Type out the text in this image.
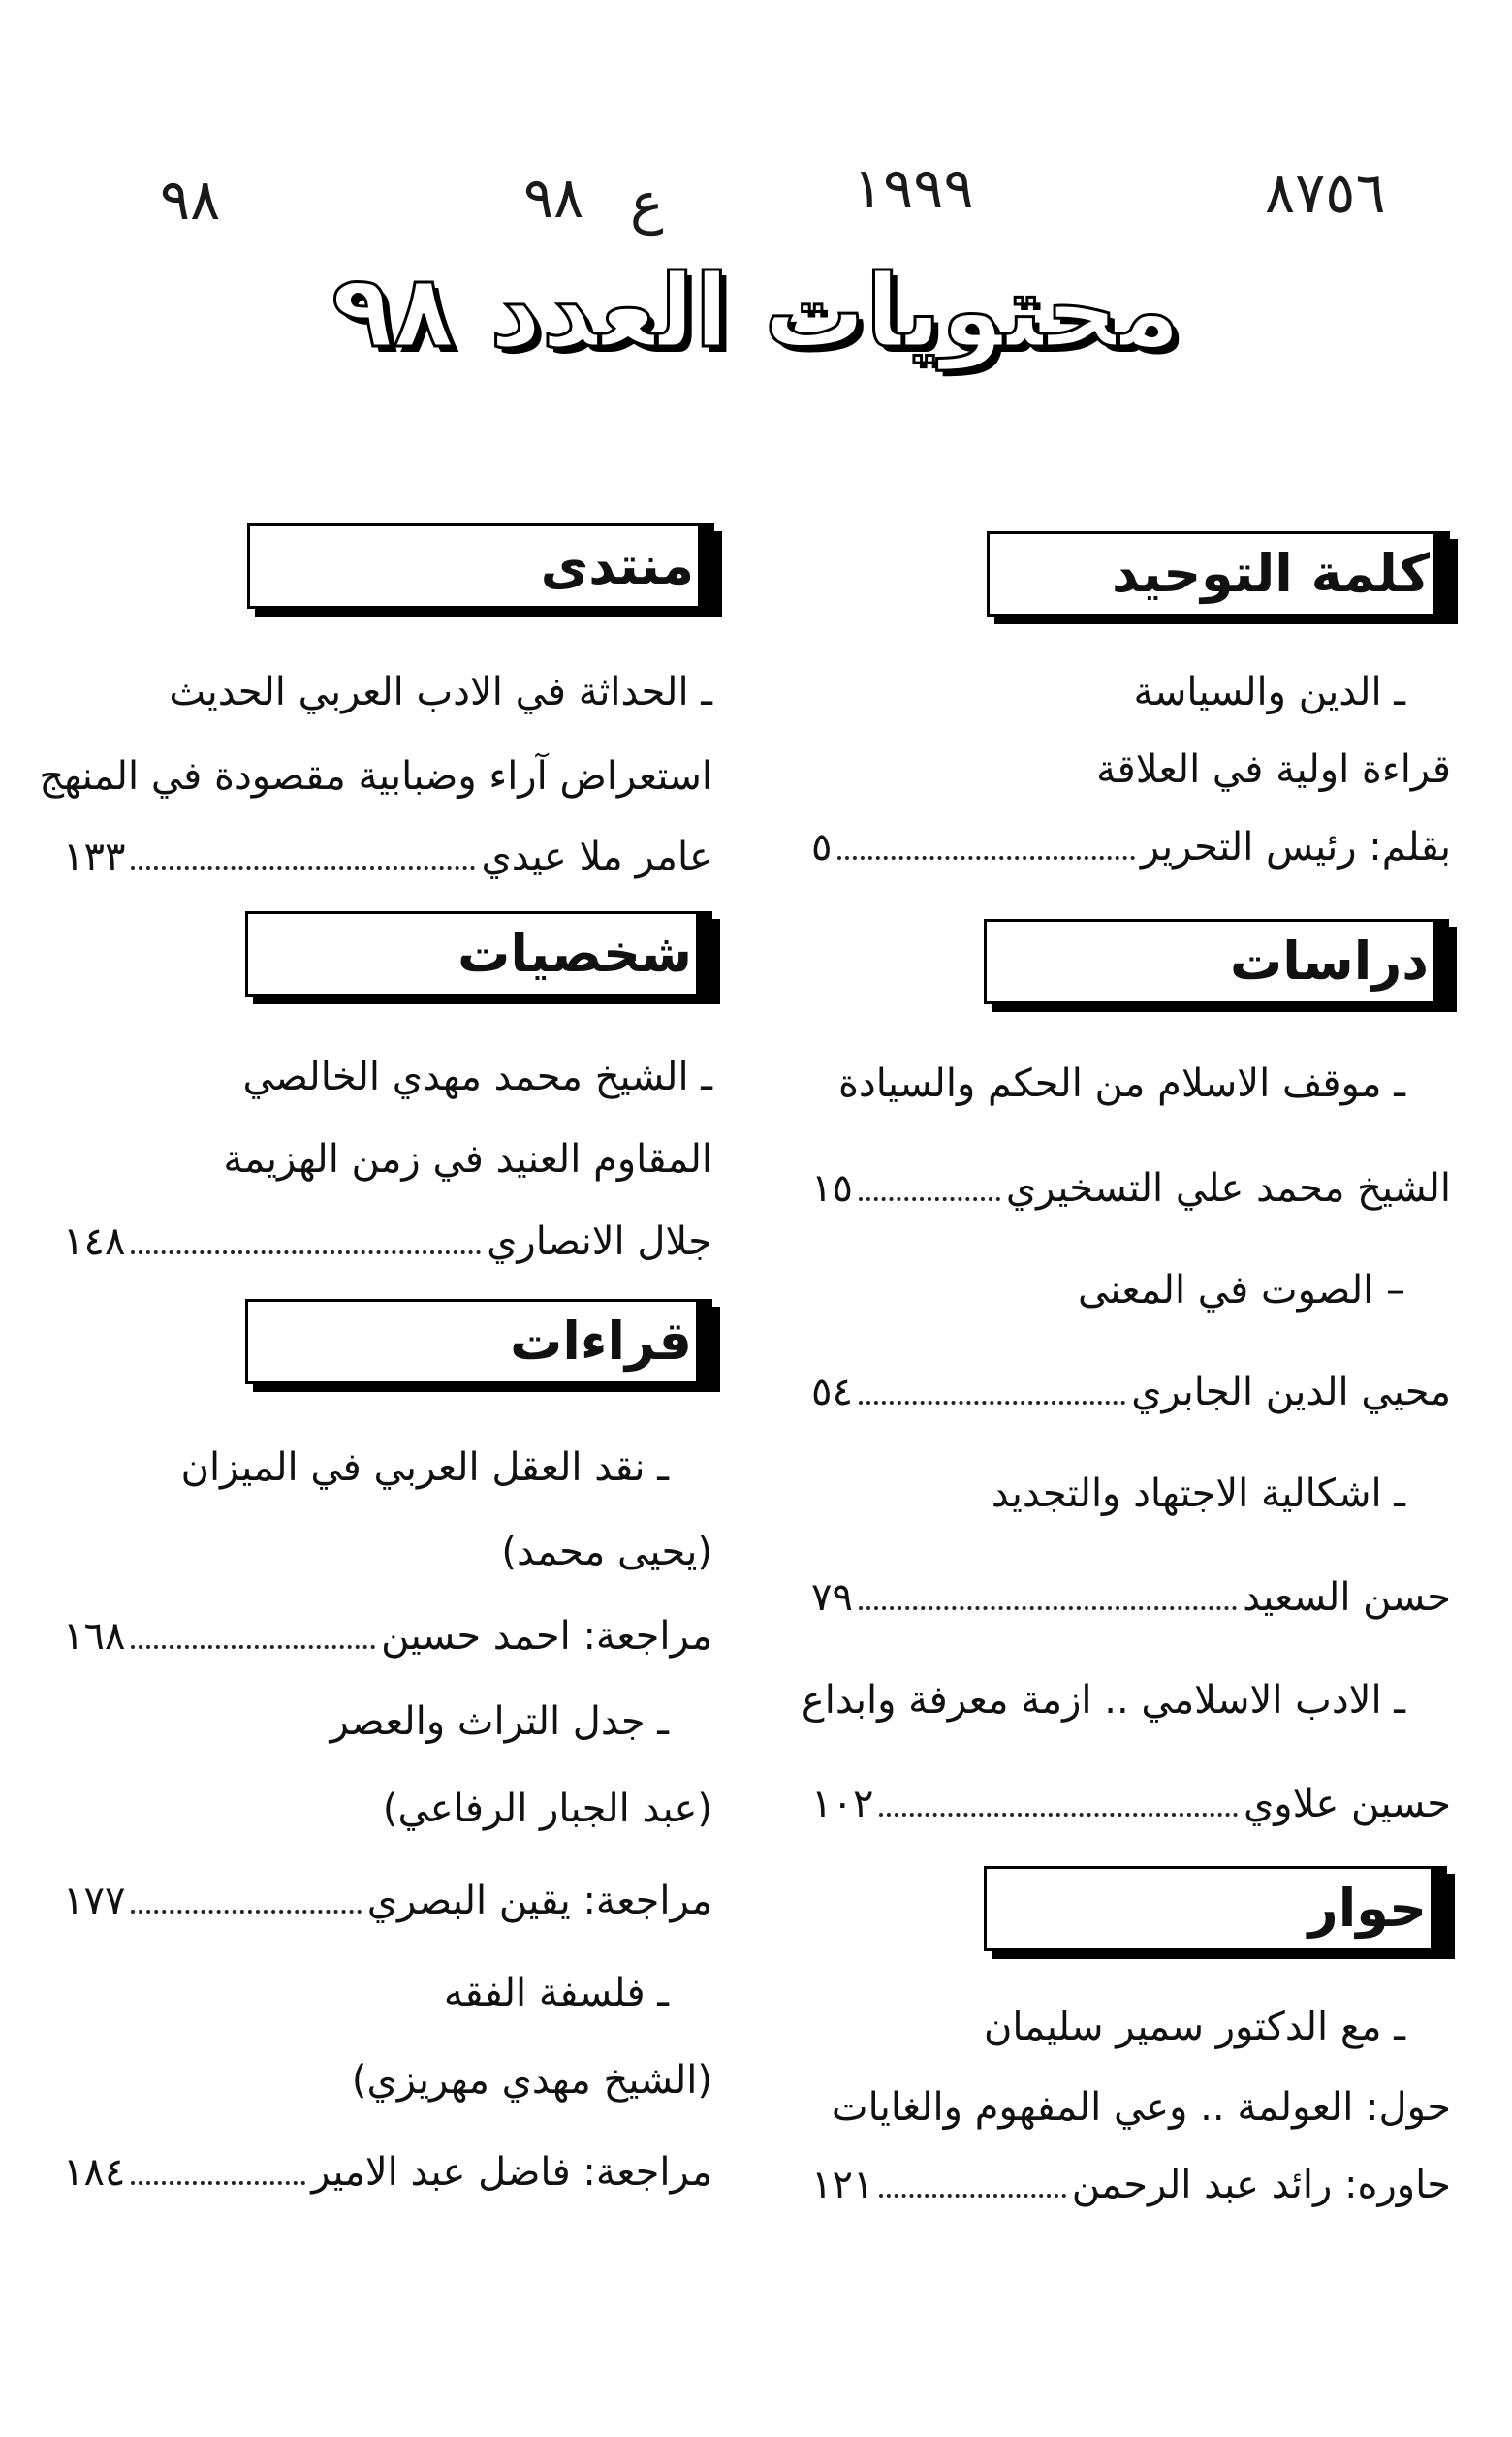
٨٧٥٦
١٩٩٩
ع
٩٨
٩٨
محتويات العدد ٩٨
كلمة التوحيد
ـ الدين والسياسة
قراءة اولية في العلاقة
بقلم: رئيس التحرير
٥
دراسات
ـ موقف الاسلام من الحكم والسيادة
الشيخ محمد علي التسخيري
١٥
– الصوت في المعنى
محيي الدين الجابري
٥٤
ـ اشكالية الاجتهاد والتجديد
حسن السعيد
٧٩
ـ الادب الاسلامي .. ازمة معرفة وابداع
حسين علاوي
١٠٢
حوار
ـ مع الدكتور سمير سليمان
حول: العولمة .. وعي المفهوم والغايات
حاوره: رائد عبد الرحمن
١٢١
منتدى
ـ الحداثة في الادب العربي الحديث
استعراض آراء وضبابية مقصودة في المنهج
عامر ملا عيدي
١٣٣
شخصيات
ـ الشيخ محمد مهدي الخالصي
المقاوم العنيد في زمن الهزيمة
جلال الانصاري
١٤٨
قراءات
ـ نقد العقل العربي في الميزان
(يحيى محمد)
مراجعة: احمد حسين
١٦٨
ـ جدل التراث والعصر
(عبد الجبار الرفاعي)
مراجعة: يقين البصري
١٧٧
ـ فلسفة الفقه
(الشيخ مهدي مهريزي)
مراجعة: فاضل عبد الامير
١٨٤
